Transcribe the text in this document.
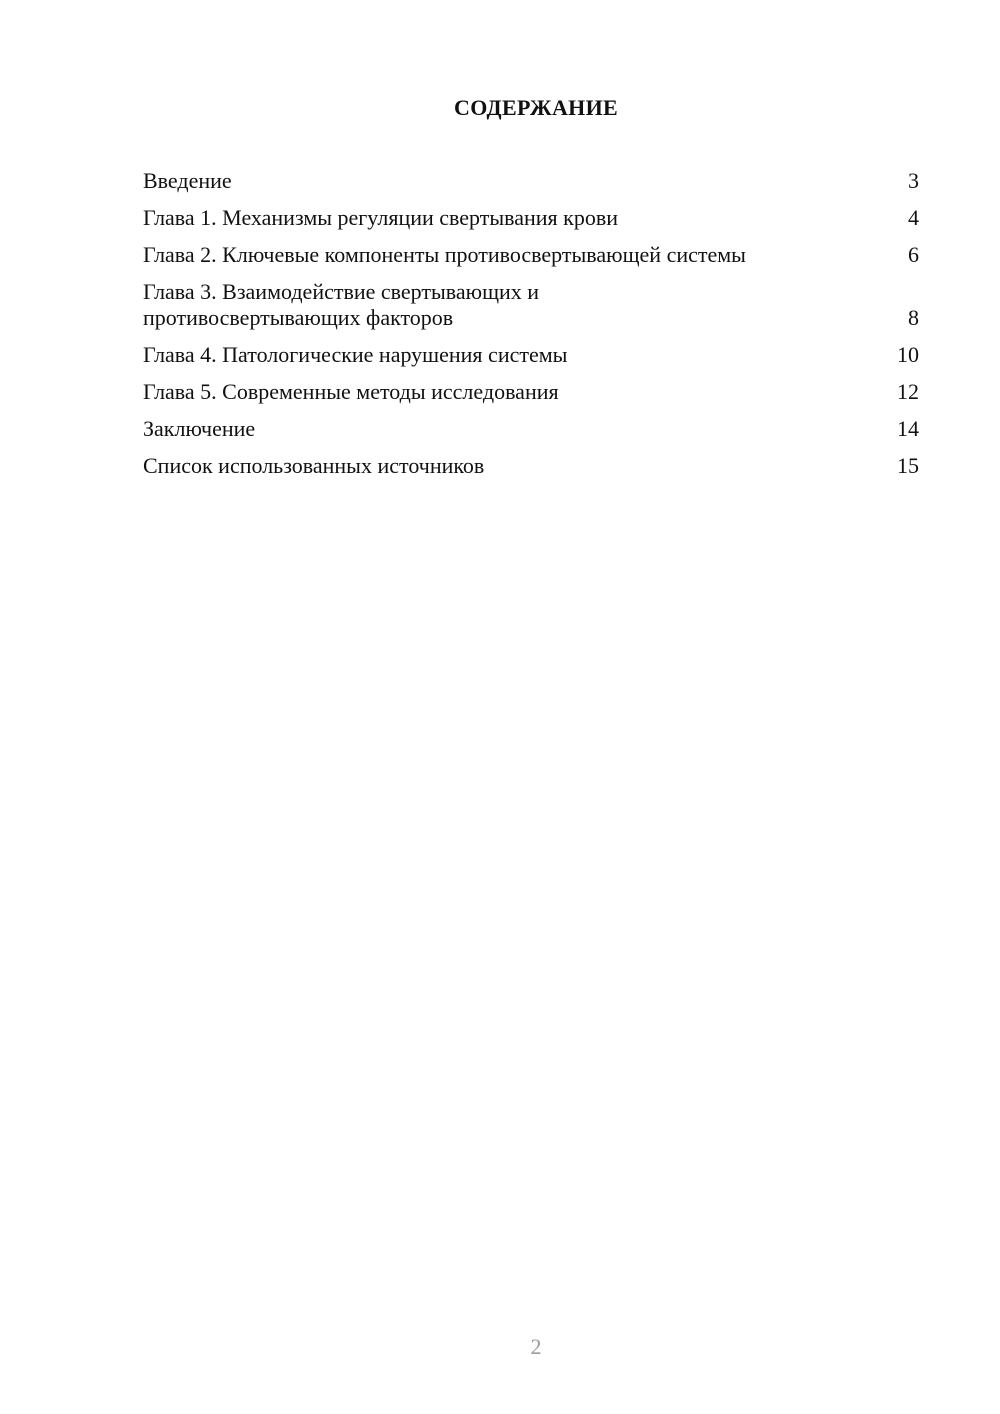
СОДЕРЖАНИЕ
Введение	3
Глава 1. Механизмы регуляции свертывания крови	4
Глава 2. Ключевые компоненты противосвертывающей системы	6
Глава 3. Взаимодействие свертывающих и противосвертывающих факторов	8
Глава 4. Патологические нарушения системы	10
Глава 5. Современные методы исследования	12
Заключение	14
Список использованных источников	15
2
